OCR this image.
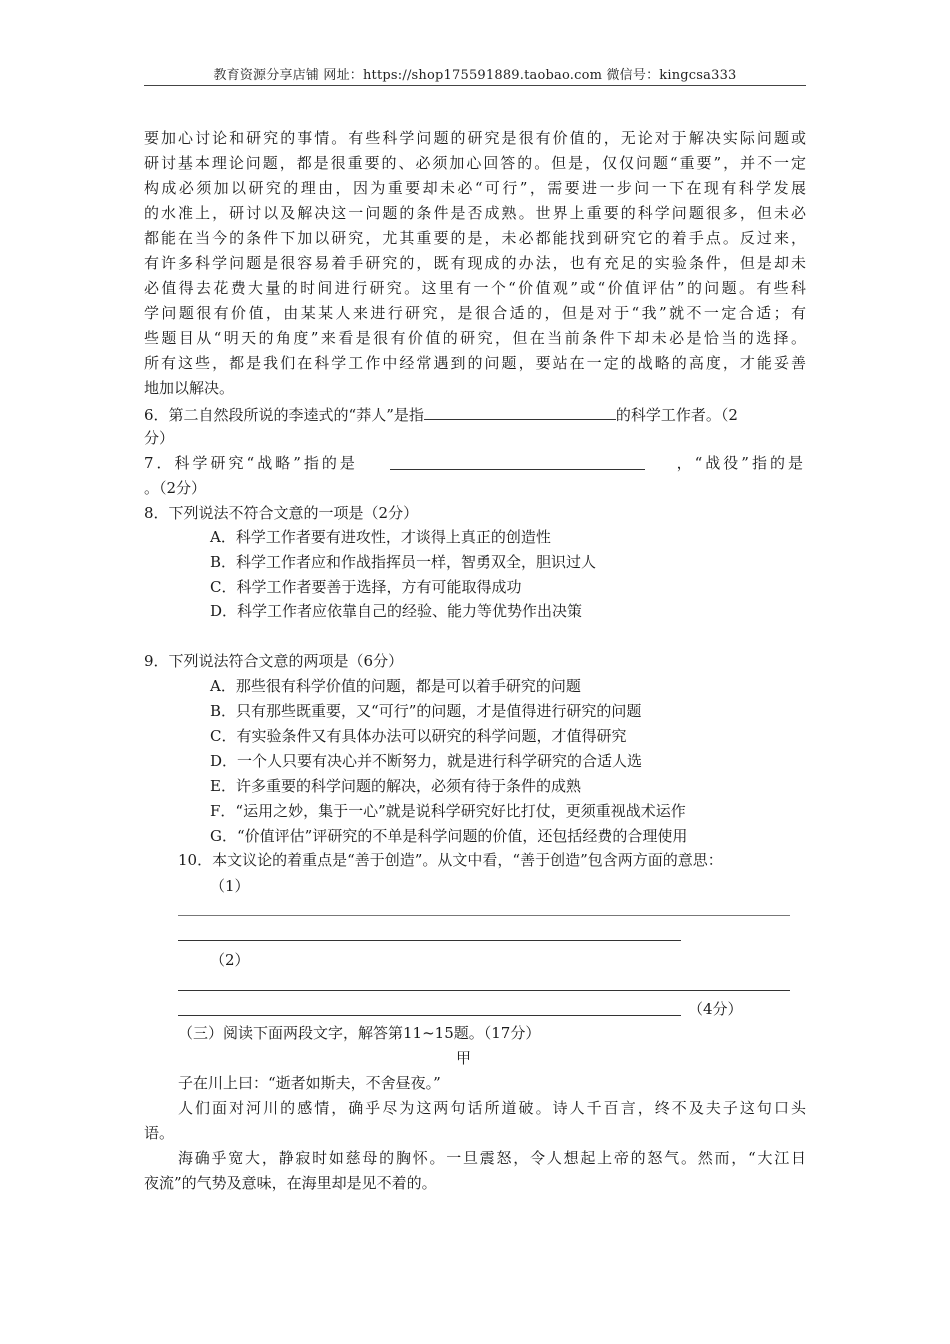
教育资源分享店铺 网址：https://shop175591889.taobao.com 微信号：kingcsa333
要加心讨论和研究的事情。有些科学问题的研究是很有价值的，无论对于解决实际问题或
研讨基本理论问题，都是很重要的、必须加心回答的。但是，仅仅问题“重要”，并不一定
构成必须加以研究的理由，因为重要却未必“可行”，需要进一步问一下在现有科学发展
的水准上，研讨以及解决这一问题的条件是否成熟。世界上重要的科学问题很多，但未必
都能在当今的条件下加以研究，尤其重要的是，未必都能找到研究它的着手点。反过来，
有许多科学问题是很容易着手研究的，既有现成的办法，也有充足的实验条件，但是却未
必值得去花费大量的时间进行研究。这里有一个“价值观”或“价值评估”的问题。有些科
学问题很有价值，由某某人来进行研究，是很合适的，但是对于“我”就不一定合适；有
些题目从“明天的角度”来看是很有价值的研究，但在当前条件下却未必是恰当的选择。
所有这些，都是我们在科学工作中经常遇到的问题，要站在一定的战略的高度，才能妥善
地加以解决。
6．第二自然段所说的李逵式的“莽人”是指	的科学工作者。（2
分）
7．科学研究“战略”指的是	，“战役”指的是
。（2分）
8．下列说法不符合文意的一项是（2分）
A．科学工作者要有进攻性，才谈得上真正的创造性
B．科学工作者应和作战指挥员一样，智勇双全，胆识过人
C．科学工作者要善于选择，方有可能取得成功
D．科学工作者应依靠自己的经验、能力等优势作出决策
9．下列说法符合文意的两项是（6分）
A．那些很有科学价值的问题，都是可以着手研究的问题
B．只有那些既重要，又“可行”的问题，才是值得进行研究的问题
C．有实验条件又有具体办法可以研究的科学问题，才值得研究
D．一个人只要有决心并不断努力，就是进行科学研究的合适人选
E．许多重要的科学问题的解决，必须有待于条件的成熟
F．“运用之妙，集于一心”就是说科学研究好比打仗，更须重视战术运作
G．“价值评估”评研究的不单是科学问题的价值，还包括经费的合理使用
10．本文议论的着重点是“善于创造”。从文中看，“善于创造”包含两方面的意思：
（1）
（2）
（4分）
（三）阅读下面两段文字，解答第11~15题。（17分）
甲
子在川上曰：“逝者如斯夫，不舍昼夜。”
人们面对河川的感情，确乎尽为这两句话所道破。诗人千百言，终不及夫子这句口头
语。
海确乎宽大，静寂时如慈母的胸怀。一旦震怒，令人想起上帝的怒气。然而，“大江日
夜流”的气势及意味，在海里却是见不着的。
